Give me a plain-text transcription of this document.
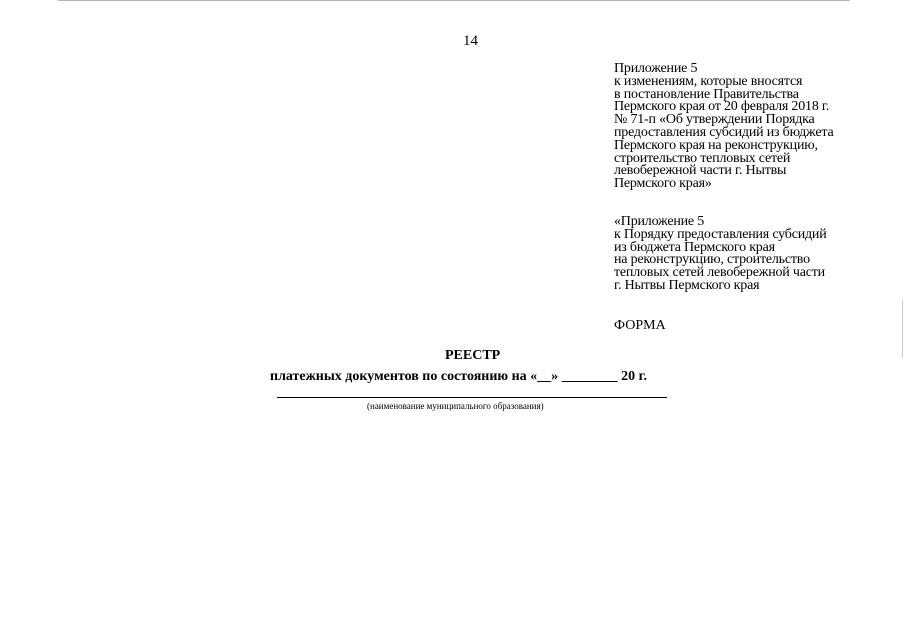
14
Приложение 5
к изменениям, которые вносятся
в постановление Правительства
Пермского края от 20 февраля 2018 г.
№ 71-п «Об утверждении Порядка
предоставления субсидий из бюджета
Пермского края на реконструкцию,
строительство тепловых сетей
левобережной части г. Нытвы
Пермского края»
«Приложение 5
к Порядку предоставления субсидий
из бюджета Пермского края
на реконструкцию, строительство
тепловых сетей левобережной части
г. Нытвы Пермского края
ФОРМА
РЕЕСТР
платежных документов по состоянию на «__» ________ 20 г.
(наименование муниципального образования)
